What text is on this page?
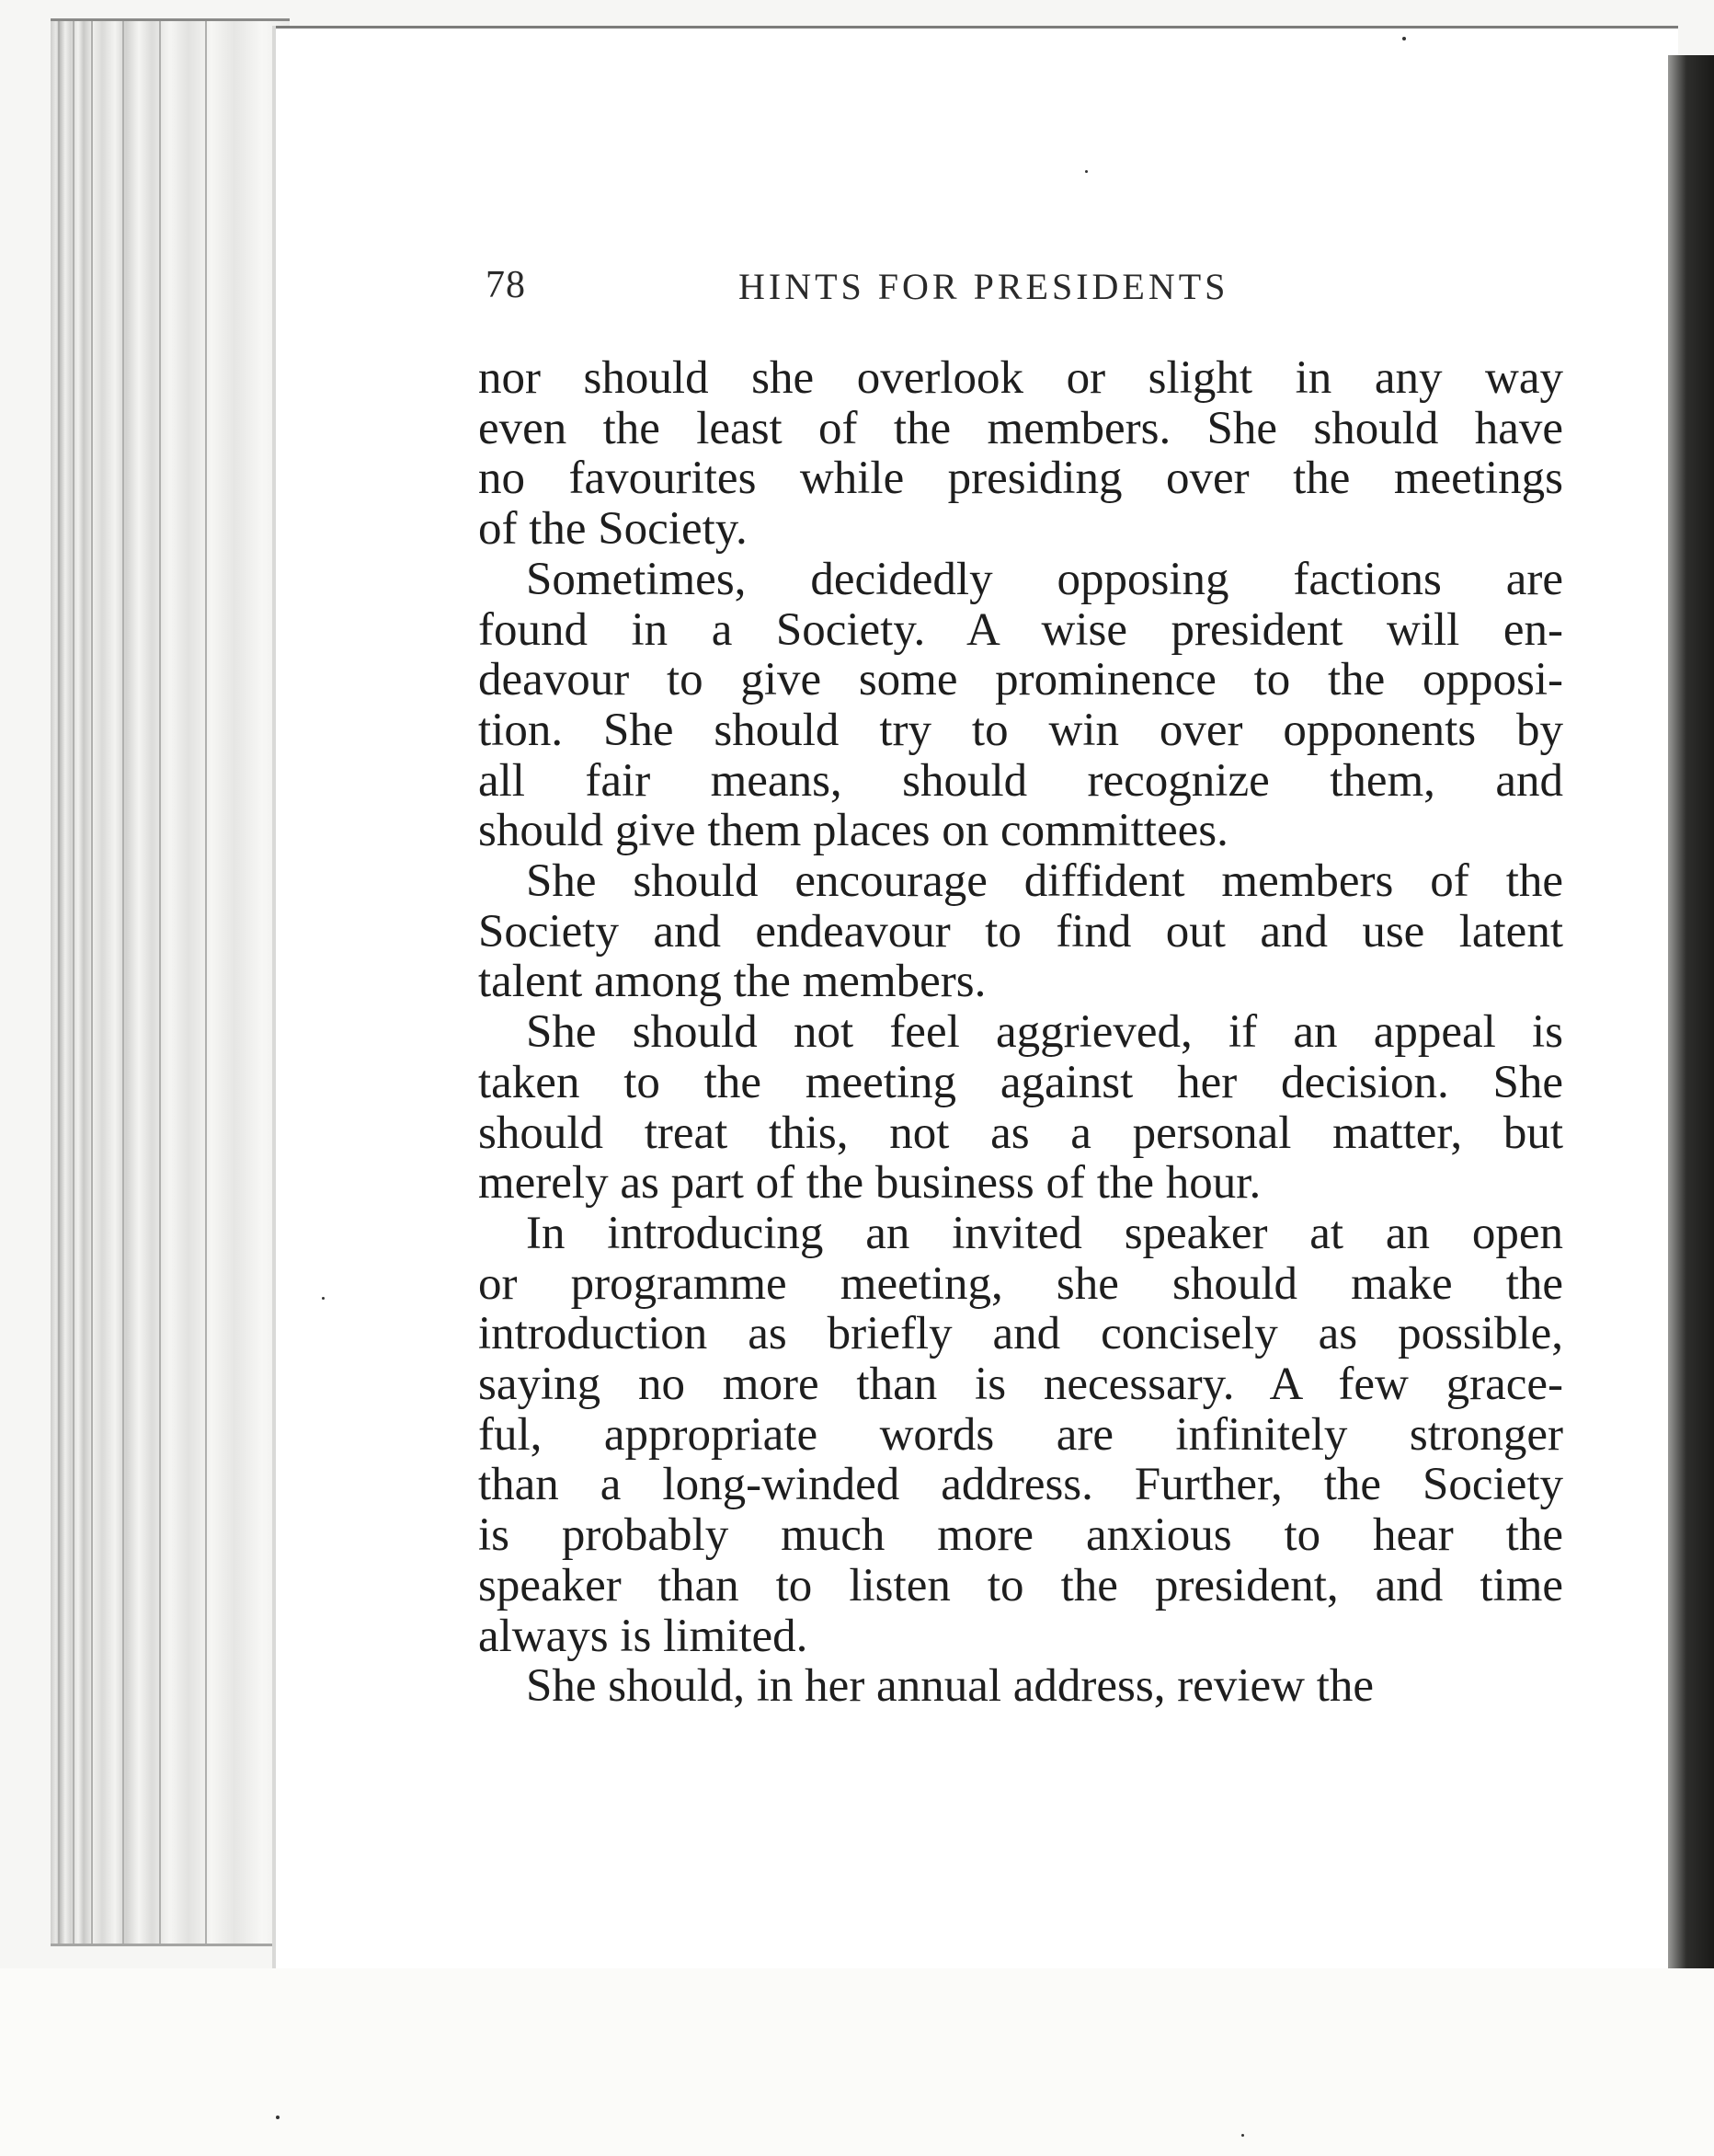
78	HINTS FOR PRESIDENTS

nor should she overlook or slight in any way
even the least of the members. She should have
no favourites while presiding over the meetings
of the Society.

Sometimes, decidedly opposing factions are
found in a Society. A wise president will en-
deavour to give some prominence to the opposi-
tion. She should try to win over opponents by
all fair means, should recognize them, and
should give them places on committees.

She should encourage diffident members of the
Society and endeavour to find out and use latent
talent among the members.

She should not feel aggrieved, if an appeal is
taken to the meeting against her decision. She
should treat this, not as a personal matter, but
merely as part of the business of the hour.

In introducing an invited speaker at an open
or programme meeting, she should make the
introduction as briefly and concisely as possible,
saying no more than is necessary. A few grace-
ful, appropriate words are infinitely stronger
than a long-winded address. Further, the Society
is probably much more anxious to hear the
speaker than to listen to the president, and time
always is limited.

She should, in her annual address, review the
